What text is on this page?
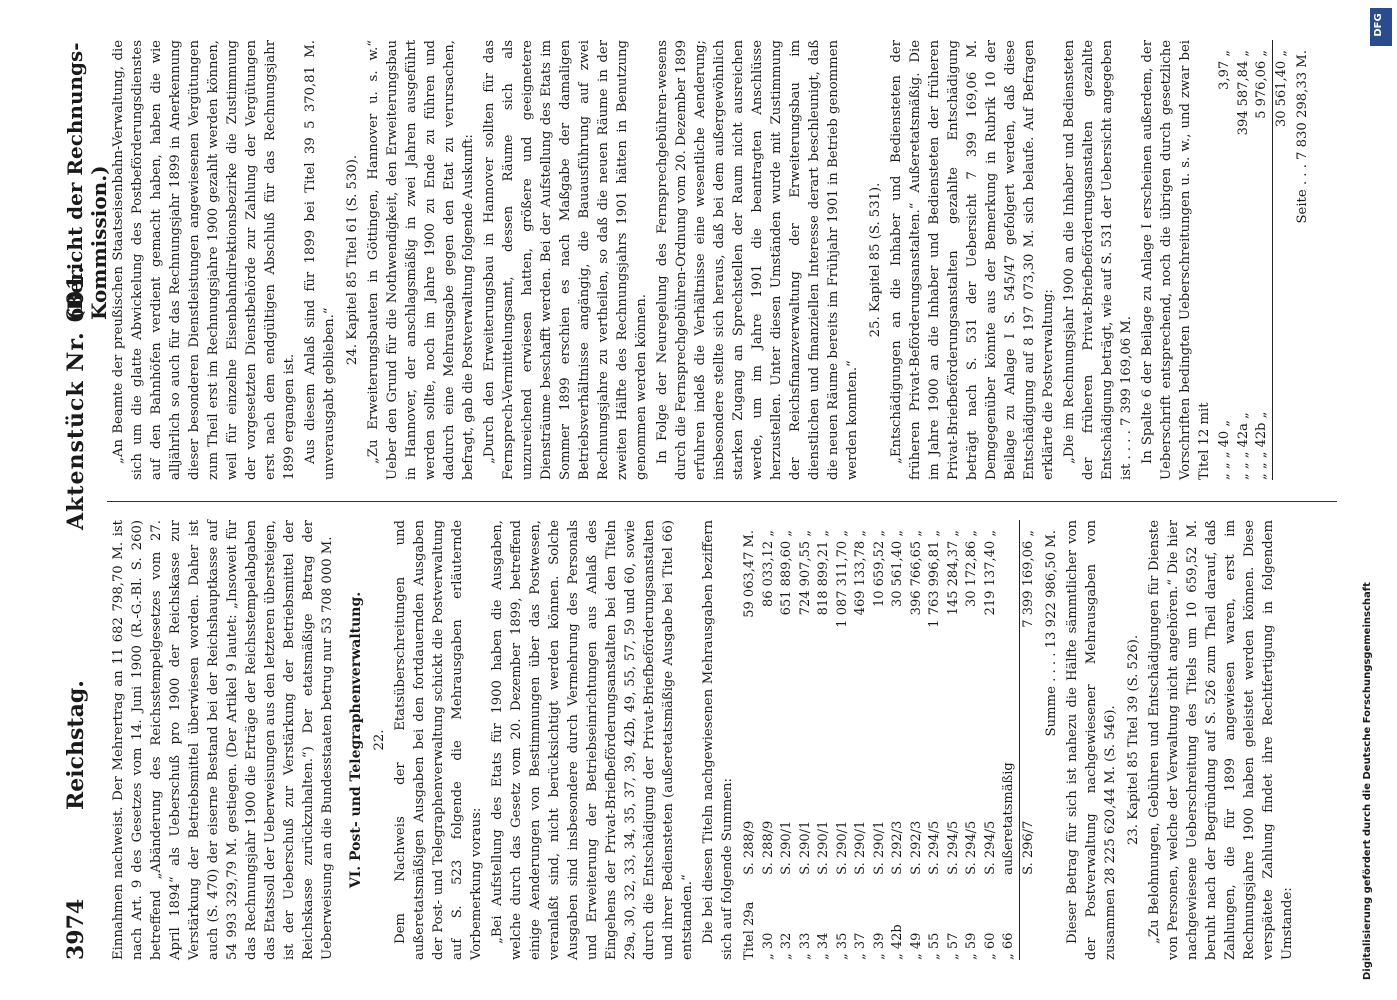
3974
Reichstag.
Aktenstück Nr. 601.
(Bericht der Rechnungs-Kommission.)

Einnahmen nachweist. Der Mehrertrag an 11 682 798,70 M. ist nach Art. 9 des Gesetzes vom 14. Juni 1900 (R.-G.-Bl. S. 260) betreffend „Abänderung des Reichsstempelgesetzes vom 27. April 1894“ als Ueberschuß pro 1900 der Reichskasse zur Verstärkung der Betriebsmittel überwiesen worden. Daher ist auch (S. 470) der eiserne Bestand bei der Reichshauptkasse auf 54 993 329,79 M. gestiegen. (Der Artikel 9 lautet: „Insoweit für das Rechnungsjahr 1900 die Erträge der Reichsstempelabgaben das Etatssoll der Ueberweisungen aus den letzteren übersteigen, ist der Ueberschuß zur Verstärkung der Betriebsmittel der Reichskasse zurückzuhalten.“) Der etatsmäßige Betrag der Ueberweisung an die Bundesstaaten betrug nur 53 708 000 M. VI. Post- und Telegraphenverwaltung. 22. Dem Nachweis der Etatsüberschreitungen und außeretatsmäßigen Ausgaben bei den fortdauernden Ausgaben der Post- und Telegraphenverwaltung schickt die Postverwaltung auf S. 523 folgende die Mehrausgaben erläuternde Vorbemerkung voraus: „Bei Aufstellung des Etats für 1900 haben die Ausgaben, welche durch das Gesetz vom 20. Dezember 1899, betreffend einige Aenderungen von Bestimmungen über das Postwesen, veranlaßt sind, nicht berücksichtigt werden können. Solche Ausgaben sind insbesondere durch Vermehrung des Personals und Erweiterung der Betriebseinrichtungen aus Anlaß des Eingehens der Privat-Briefbeförderungsanstalten bei den Titeln 29a, 30, 32, 33, 34, 35, 37, 39, 42b, 49, 55, 57, 59 und 60, sowie durch die Entschädigung der Privat-Briefbeförderungsanstalten und ihrer Bediensteten (außeretatsmäßige Ausgabe bei Titel 66) entstanden.“ Die bei diesen Titeln nachgewiesenen Mehrausgaben beziffern sich auf folgende Summen: Titel 29a	S. 288/9	59 063,47 M.
„ 30	S. 288/9	86 033,12 „
„ 32	S. 290/1	651 889,60 „
„ 33	S. 290/1	724 907,55 „
„ 34	S. 290/1	818 899,21 „
„ 35	S. 290/1	1 087 311,70 „
„ 37	S. 290/1	469 133,78 „
„ 39	S. 290/1	10 659,52 „
„ 42b	S. 292/3	30 561,40 „
„ 49	S. 292/3	396 766,65 „
„ 55	S. 294/5	1 763 996,81 „
„ 57	S. 294/5	145 284,37 „
„ 59	S. 294/5	30 172,86 „
„ 60	S. 294/5	219 137,40 „
„ 66	außeretatsmäßig	
	S. 296/7	7 399 169,06 „
Summe . . . . 13 922 986,50 M. Dieser Betrag für sich ist nahezu die Hälfte sämmtlicher von der Postverwaltung nachgewiesener Mehrausgaben von zusammen 28 225 620,44 M. (S. 546). 23. Kapitel 85 Titel 39 (S. 526). „Zu Belohnungen, Gebühren und Entschädigungen für Dienste von Personen, welche der Verwaltung nicht angehören.“ Die hier nachgewiesene Ueberschreitung des Titels um 10 659,52 M. beruht nach der Begründung auf S. 526 zum Theil darauf, daß Zahlungen, die für 1899 angewiesen waren, erst im Rechnungsjahre 1900 haben geleistet werden können. Diese verspätete Zahlung findet ihre Rechtfertigung in folgendem Umstande:

„An Beamte der preußischen Staatseisenbahn-Verwaltung, die sich um die glatte Abwickelung des Postbeförderungsdienstes auf den Bahnhöfen verdient gemacht haben, haben die wie alljährlich so auch für das Rechnungsjahr 1899 in Anerkennung dieser besonderen Dienstleistungen angewiesenen Vergütungen zum Theil erst im Rechnungsjahre 1900 gezahlt werden können, weil für einzelne Eisenbahndirektionsbezirke die Zustimmung der vorgesetzten Dienstbehörde zur Zahlung der Vergütungen erst nach dem endgültigen Abschluß für das Rechnungsjahr 1899 ergangen ist. Aus diesem Anlaß sind für 1899 bei Titel 39 5 370,81 M. unverausgabt geblieben.“

24. Kapitel 85 Titel 61 (S. 530). „Zu Erweiterungsbauten in Göttingen, Hannover u. s. w.“ Ueber den Grund für die Nothwendigkeit, den Erweiterungsbau in Hannover, der anschlagsmäßig in zwei Jahren ausgeführt werden sollte, noch im Jahre 1900 zu Ende zu führen und dadurch eine Mehrausgabe gegen den Etat zu verursachen, befragt, gab die Postverwaltung folgende Auskunft: „Durch den Erweiterungsbau in Hannover sollten für das Fernsprech-Vermittelungsamt, dessen Räume sich als unzureichend erwiesen hatten, größere und geeignetere Diensträume beschafft werden. Bei der Aufstellung des Etats im Sommer 1899 erschien es nach Maßgabe der damaligen Betriebsverhältnisse angängig, die Bauausführung auf zwei Rechnungsjahre zu vertheilen, so daß die neuen Räume in der zweiten Hälfte des Rechnungsjahrs 1901 hätten in Benutzung genommen werden können. In Folge der Neuregelung des Fernsprechgebühren-wesens durch die Fernsprechgebühren-Ordnung vom 20. Dezember 1899 erfuhren indeß die Verhältnisse eine wesentliche Aenderung; insbesondere stellte sich heraus, daß bei dem außergewöhnlich starken Zugang an Sprechstellen der Raum nicht ausreichen werde, um im Jahre 1901 die beantragten Anschlüsse herzustellen. Unter diesen Umständen wurde mit Zustimmung der Reichsfinanzverwaltung der Erweiterungsbau im dienstlichen und finanziellen Interesse derart beschleunigt, daß die neuen Räume bereits im Frühjahr 1901 in Betrieb genommen werden konnten.“

25. Kapitel 85 (S. 531). „Entschädigungen an die Inhaber und Bediensteten der früheren Privat-Beförderungsanstalten.“ Außeretatsmäßig. Die im Jahre 1900 an die Inhaber und Bediensteten der früheren Privat-Briefbeförderungsanstalten gezahlte Entschädigung beträgt nach S. 531 der Uebersicht 7 399 169,06 M. Demgegenüber könnte aus der Bemerkung in Rubrik 10 der Beilage zu Anlage I S. 545/47 gefolgert werden, daß diese Entschädigung auf 8 197 073,30 M. sich belaufe. Auf Befragen erklärte die Postverwaltung: „Die im Rechnungsjahr 1900 an die Inhaber und Bediensteten der früheren Privat-Briefbeförderungsanstalten gezahlte Entschädigung beträgt, wie auf S. 531 der Uebersicht angegeben ist . . . . 7 399 169,06 M. In Spalte 6 der Beilage zu Anlage I erscheinen außerdem, der Ueberschrift entsprechend, noch die übrigen durch gesetzliche Vorschriften bedingten Ueberschreitungen u. s. w., und zwar bei Titel 12 mit „ „ „ 40 „	3,97 „
„ „ „ 42a „	394 587,84 „
„ „ „ 42b „	5 976,06 „
	30 561,40 „
Seite . . . 7 830 298,33 M.
Digitalisierung gefördert durch die Deutsche Forschungsgemeinschaft
DFG
